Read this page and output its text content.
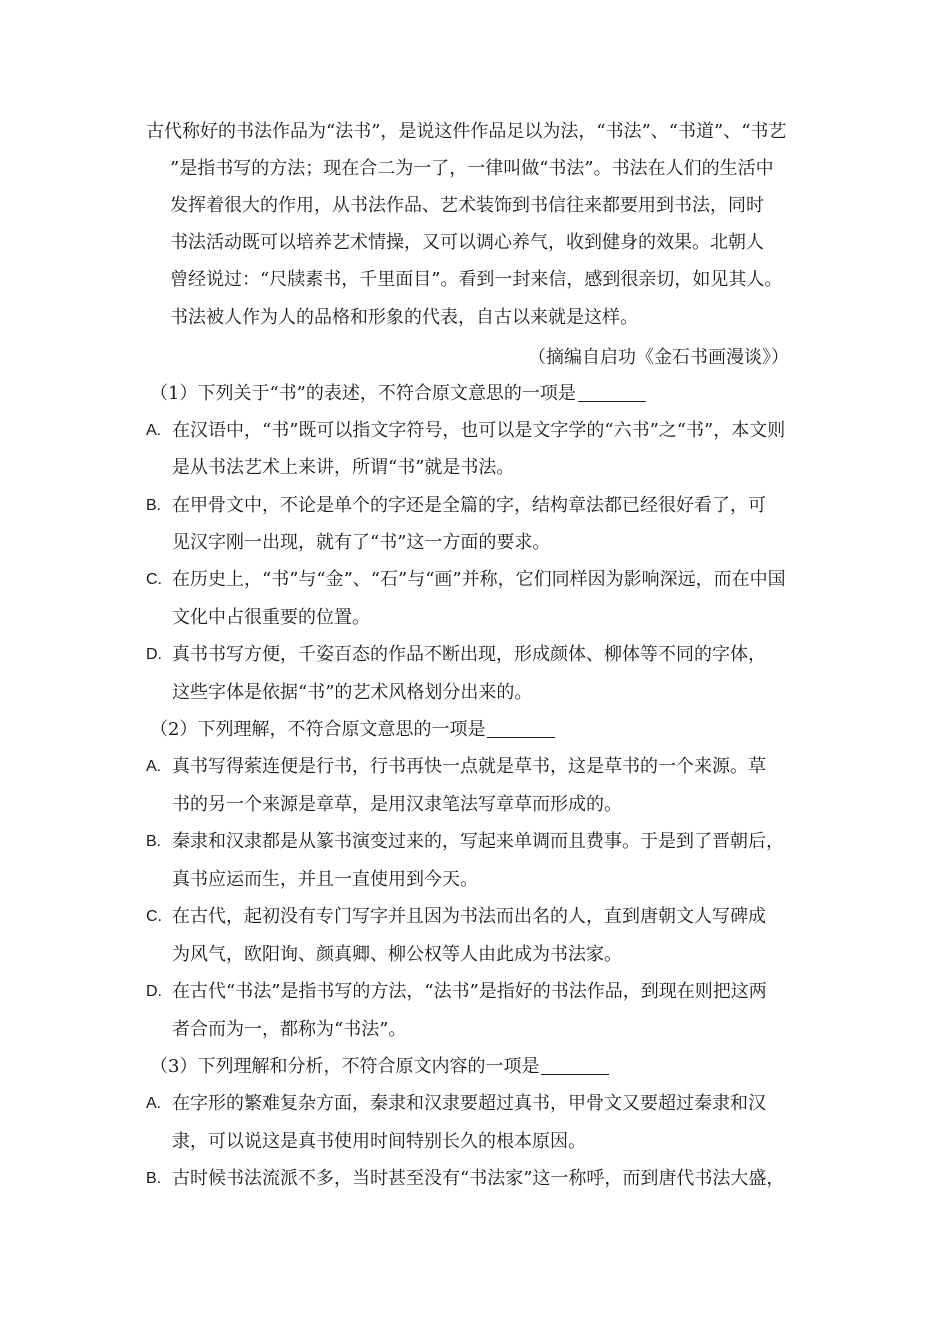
古代称好的书法作品为“法书”，是说这件作品足以为法，“书法”、“书道”、“书艺
”是指书写的方法；现在合二为一了，一律叫做“书法”。书法在人们的生活中
发挥着很大的作用，从书法作品、艺术装饰到书信往来都要用到书法，同时
书法活动既可以培养艺术情操，又可以调心养气，收到健身的效果。北朝人
曾经说过：“尺牍素书，千里面目”。看到一封来信，感到很亲切，如见其人。
书法被人作为人的品格和形象的代表，自古以来就是这样。
（摘编自启功《金石书画漫谈》）
（1）下列关于“书”的表述，不符合原文意思的一项是
A. 在汉语中，“书”既可以指文字符号，也可以是文字学的“六书”之“书”，本文则
是从书法艺术上来讲，所谓“书”就是书法。
B. 在甲骨文中，不论是单个的字还是全篇的字，结构章法都已经很好看了，可
见汉字刚一出现，就有了“书”这一方面的要求。
C. 在历史上，“书”与“金”、“石”与“画”并称，它们同样因为影响深远，而在中国
文化中占很重要的位置。
D. 真书书写方便，千姿百态的作品不断出现，形成颜体、柳体等不同的字体，
这些字体是依据“书”的艺术风格划分出来的。
（2）下列理解，不符合原文意思的一项是
A. 真书写得萦连便是行书，行书再快一点就是草书，这是草书的一个来源。草
书的另一个来源是章草，是用汉隶笔法写章草而形成的。
B. 秦隶和汉隶都是从篆书演变过来的，写起来单调而且费事。于是到了晋朝后，
真书应运而生，并且一直使用到今天。
C. 在古代，起初没有专门写字并且因为书法而出名的人，直到唐朝文人写碑成
为风气，欧阳询、颜真卿、柳公权等人由此成为书法家。
D. 在古代“书法”是指书写的方法，“法书”是指好的书法作品，到现在则把这两
者合而为一，都称为“书法”。
（3）下列理解和分析，不符合原文内容的一项是
A. 在字形的繁难复杂方面，秦隶和汉隶要超过真书，甲骨文又要超过秦隶和汉
隶，可以说这是真书使用时间特别长久的根本原因。
B. 古时候书法流派不多，当时甚至没有“书法家”这一称呼，而到唐代书法大盛，
